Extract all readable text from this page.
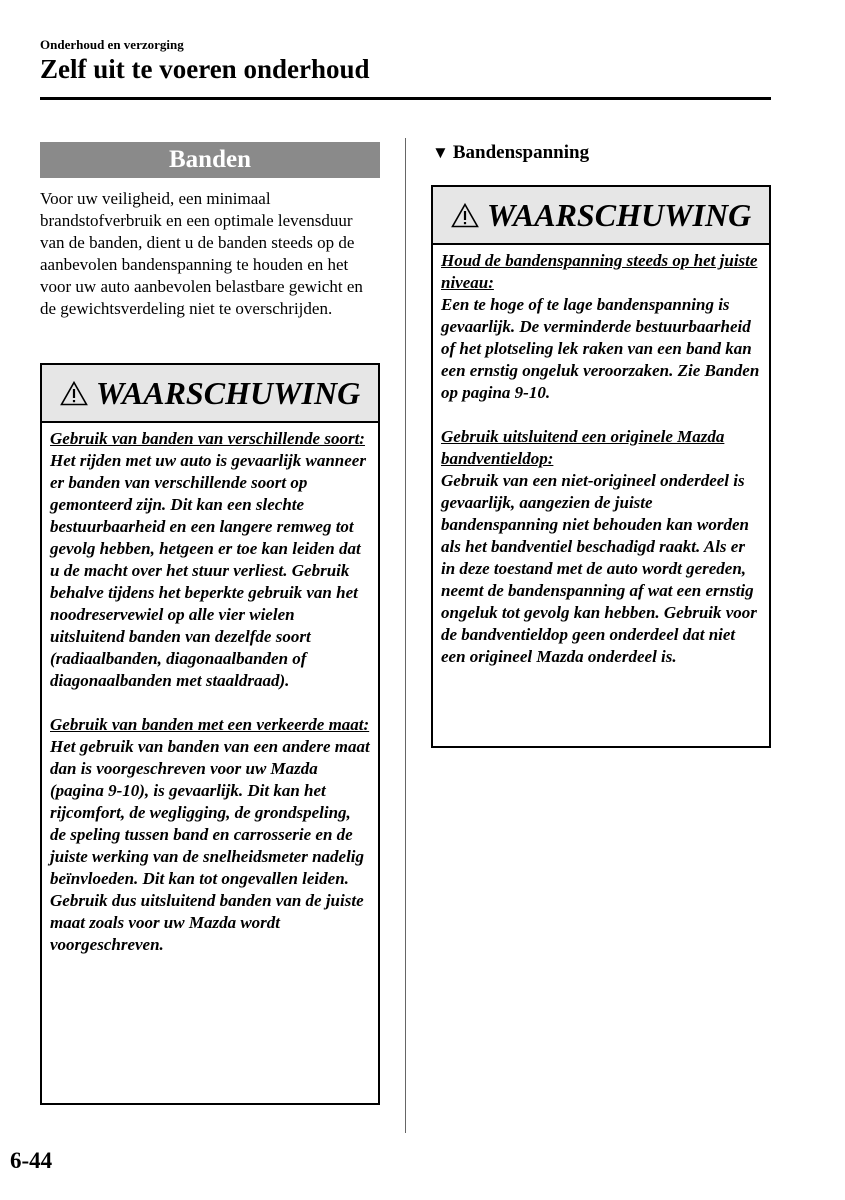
Onderhoud en verzorging
Zelf uit te voeren onderhoud
Banden
Voor uw veiligheid, een minimaal brandstofverbruik en een optimale levensduur van de banden, dient u de banden steeds op de aanbevolen bandenspanning te houden en het voor uw auto aanbevolen belastbare gewicht en de gewichtsverdeling niet te overschrijden.
WAARSCHUWING

Gebruik van banden van verschillende soort:
Het rijden met uw auto is gevaarlijk wanneer er banden van verschillende soort op gemonteerd zijn. Dit kan een slechte bestuurbaarheid en een langere remweg tot gevolg hebben, hetgeen er toe kan leiden dat u de macht over het stuur verliest. Gebruik behalve tijdens het beperkte gebruik van het noodreservewiel op alle vier wielen uitsluitend banden van dezelfde soort (radiaalbanden, diagonaalbanden of diagonaalbanden met staaldraad).

Gebruik van banden met een verkeerde maat:
Het gebruik van banden van een andere maat dan is voorgeschreven voor uw Mazda (pagina 9-10), is gevaarlijk. Dit kan het rijcomfort, de wegligging, de grondspeling, de speling tussen band en carrosserie en de juiste werking van de snelheidsmeter nadelig beïnvloeden. Dit kan tot ongevallen leiden. Gebruik dus uitsluitend banden van de juiste maat zoals voor uw Mazda wordt voorgeschreven.

▼ Bandenspanning
WAARSCHUWING

Houd de bandenspanning steeds op het juiste niveau:
Een te hoge of te lage bandenspanning is gevaarlijk. De verminderde bestuurbaarheid of het plotseling lek raken van een band kan een ernstig ongeluk veroorzaken. Zie Banden op pagina 9-10.

Gebruik uitsluitend een originele Mazda bandventieldop:
Gebruik van een niet-origineel onderdeel is gevaarlijk, aangezien de juiste bandenspanning niet behouden kan worden als het bandventiel beschadigd raakt. Als er in deze toestand met de auto wordt gereden, neemt de bandenspanning af wat een ernstig ongeluk tot gevolg kan hebben. Gebruik voor de bandventieldop geen onderdeel dat niet een origineel Mazda onderdeel is.

6-44
